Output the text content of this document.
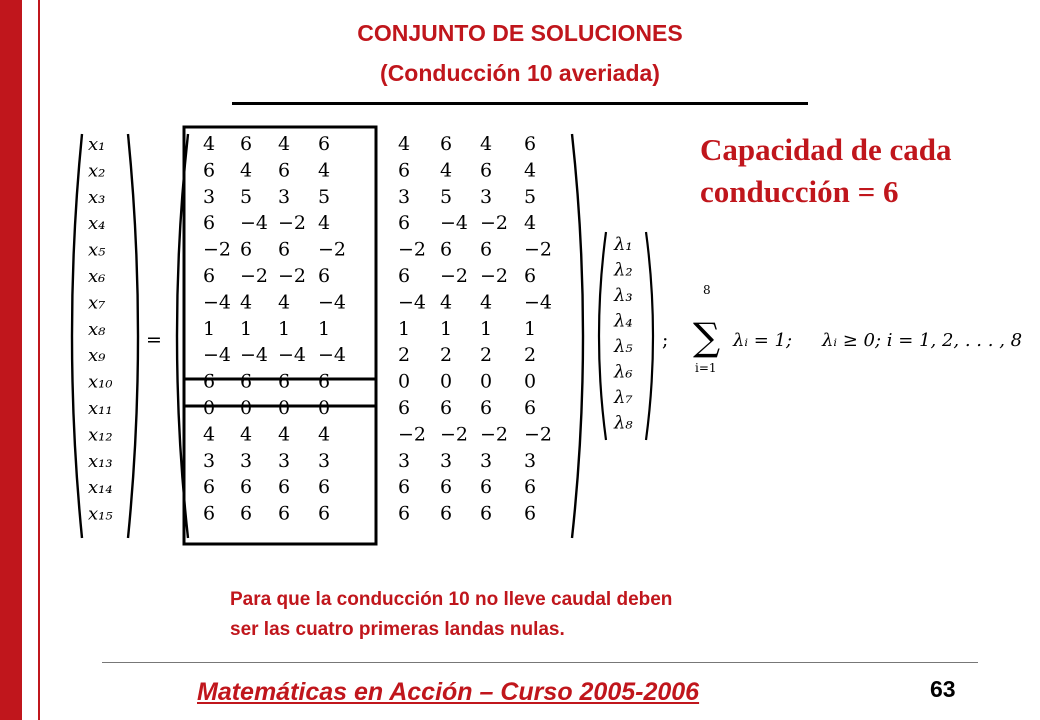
CONJUNTO DE SOLUCIONES
(Conducción 10 averiada)
x₁
x₂
x₃
x₄
x₅
x₆
x₇
x₈
x₉
x₁₀
x₁₁
x₁₂
x₁₃
x₁₄
x₁₅
=
4 6 4 6	4 6 4 6
6 4 6 4	6 4 6 4
3 5 3 5	3 5 3 5
6 −4 −2 4	6 −4 −2 4
−2 6 6 −2	−2 6 6 −2
6 −2 −2 6	6 −2 −2 6
−4 4 4 −4	−4 4 4 −4
1 1 1 1	1 1 1 1
−4 −4 −4 −4	2 2 2 2
6 6 6 6	0 0 0 0
0 0 0 0	6 6 6 6
4 4 4 4	−2 −2 −2 −2
3 3 3 3	3 3 3 3
6 6 6 6	6 6 6 6
6 6 6 6	6 6 6 6
λ₁
λ₂
λ₃
λ₄
λ₅
λ₆
λ₇
λ₈
;
8
∑
i=1
λᵢ = 1; λᵢ ≥ 0; i = 1, 2, . . . , 8
Capacidad de cada
conducción = 6
Para que la conducción 10 no lleve caudal deben
ser las cuatro primeras landas nulas.
Matemáticas en Acción – Curso 2005-2006	63
